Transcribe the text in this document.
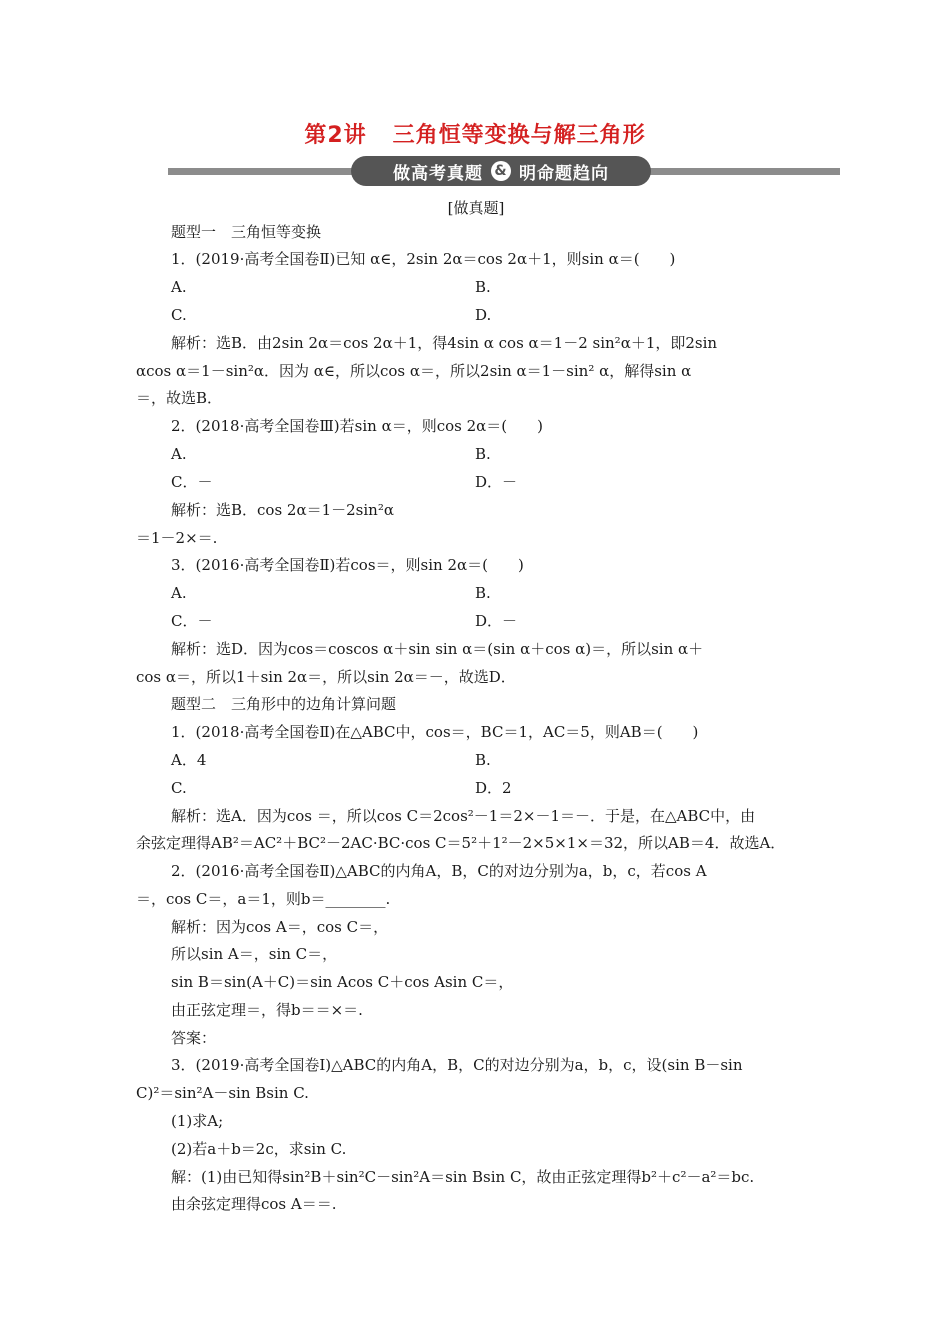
第2讲 三角恒等变换与解三角形
做高考真题 & 明命题趋向
[做真题]
题型一　三角恒等变换
1．(2019·高考全国卷Ⅱ)已知 α∈，2sin 2α＝cos 2α＋1，则sin α＝(　　)
A.	B.
C.	D.
解析：选B．由2sin 2α＝cos 2α＋1，得4sin α cos α＝1－2 sin²α＋1，即2sin
αcos α＝1－sin²α．因为 α∈，所以cos α＝，所以2sin α＝1－sin² α，解得sin α
＝，故选B．
2．(2018·高考全国卷Ⅲ)若sin α＝，则cos 2α＝(　　)
A.	B.
C．－	D．－
解析：选B．cos 2α＝1－2sin²α
＝1－2×＝.
3．(2016·高考全国卷Ⅱ)若cos＝，则sin 2α＝(　　)
A.	B.
C．－	D．－
解析：选D．因为cos＝coscos α＋sin sin α＝(sin α＋cos α)＝，所以sin α＋
cos α＝，所以1＋sin 2α＝，所以sin 2α＝－，故选D．
题型二　三角形中的边角计算问题
1．(2018·高考全国卷Ⅱ)在△ABC中，cos＝，BC＝1，AC＝5，则AB＝(　　)
A．4	B.
C.	D．2
解析：选A．因为cos ＝，所以cos C＝2cos²－1＝2×－1＝－．于是，在△ABC中，由
余弦定理得AB²＝AC²＋BC²－2AC·BC·cos C＝5²＋1²－2×5×1×＝32，所以AB＝4．故选A．
2．(2016·高考全国卷Ⅱ)△ABC的内角A，B，C的对边分别为a，b，c，若cos A
＝，cos C＝，a＝1，则b＝________.
解析：因为cos A＝，cos C＝，
所以sin A＝，sin C＝，
sin B＝sin(A＋C)＝sin Acos C＋cos Asin C＝，
由正弦定理＝，得b＝＝×＝.
答案：
3．(2019·高考全国卷Ⅰ)△ABC的内角A，B，C的对边分别为a，b，c，设(sin B－sin
C)²＝sin²A－sin Bsin C.
(1)求A;
(2)若a＋b＝2c，求sin C.
解：(1)由已知得sin²B＋sin²C－sin²A＝sin Bsin C，故由正弦定理得b²＋c²－a²＝bc.
由余弦定理得cos A＝＝.
